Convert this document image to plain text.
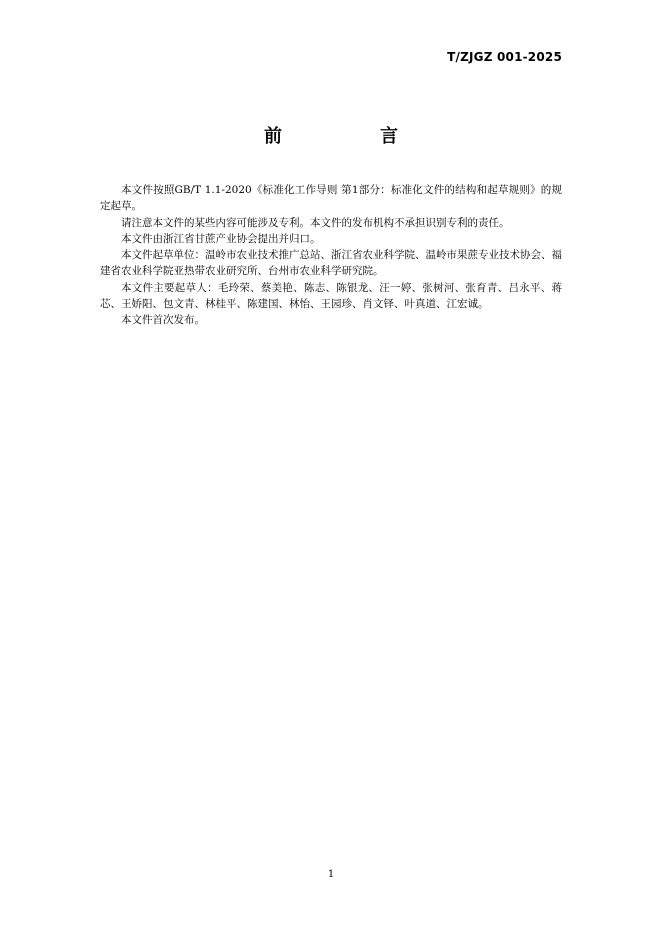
T/ZJGZ 001-2025
前　言

本文件按照GB/T 1.1-2020《标准化工作导则 第1部分：标准化文件的结构和起草规则》的规定起草。

请注意本文件的某些内容可能涉及专利。本文件的发布机构不承担识别专利的责任。

本文件由浙江省甘蔗产业协会提出并归口。

本文件起草单位：温岭市农业技术推广总站、浙江省农业科学院、温岭市果蔗专业技术协会、福建省农业科学院亚热带农业研究所、台州市农业科学研究院。

本文件主要起草人：毛玲荣、蔡美艳、陈志、陈银龙、汪一婷、张树河、张育青、吕永平、蒋芯、王娇阳、包文青、林桂平、陈建国、林怡、王园珍、肖文铎、叶真道、江宏诚。

本文件首次发布。

1
